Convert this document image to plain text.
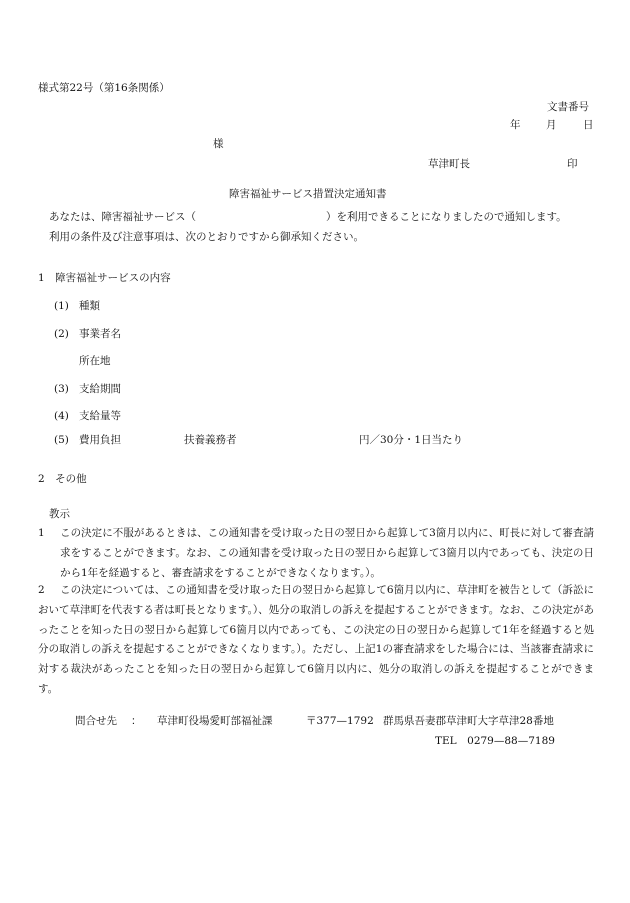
様式第22号（第16条関係）
文書番号
年 月	日
様
草津町長	印
障害福祉サービス措置決定通知書
あなたは、障害福祉サービス（	）を利用できることになりましたので通知します。
利用の条件及び注意事項は、次のとおりですから御承知ください。
1　障害福祉サービスの内容
(1) 種類
(2) 事業者名
所在地
(3) 支給期間
(4) 支給量等
(5) 費用負担	扶養義務者	円／30分・1日当たり
2　その他
教示
1 この決定に不服があるときは、この通知書を受け取った日の翌日から起算して3箇月以内に、町長に対して審査請求をすることができます。なお、この通知書を受け取った日の翌日から起算して3箇月以内であっても、決定の日から1年を経過すると、審査請求をすることができなくなります。）。
2 この決定については、この通知書を受け取った日の翌日から起算して6箇月以内に、草津町を被告として（訴訟において草津町を代表する者は町長となります。）、処分の取消しの訴えを提起することができます。なお、この決定があったことを知った日の翌日から起算して6箇月以内であっても、この決定の日の翌日から起算して1年を経過すると処分の取消しの訴えを提起することができなくなります。）。ただし、上記1の審査請求をした場合には、当該審査請求に対する裁決があったことを知った日の翌日から起算して6箇月以内に、処分の取消しの訴えを提起することができます。
問合せ先 ： 草津町役場愛町部福祉課	〒377—1792 群馬県吾妻郡草津町大字草津28番地
TEL　0279—88—7189
